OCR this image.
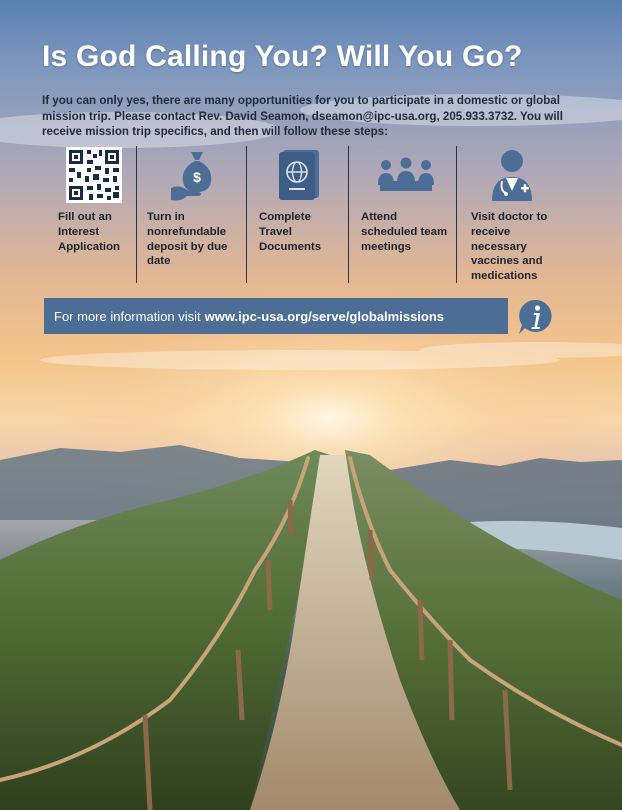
Is God Calling You? Will You Go?

If you can only yes, there are many opportunities for you to participate in a domestic or global mission trip. Please contact Rev. David Seamon, dseamon@ipc-usa.org, 205.933.3732. You will receive mission trip specifics, and then will follow these steps:

Fill out an Interest Application
$
Turn in nonrefundable deposit by due date
Complete Travel Documents
Attend scheduled team meetings
Visit doctor to receive necessary vaccines and medications
For more information visit www.ipc-usa.org/serve/globalmissions
